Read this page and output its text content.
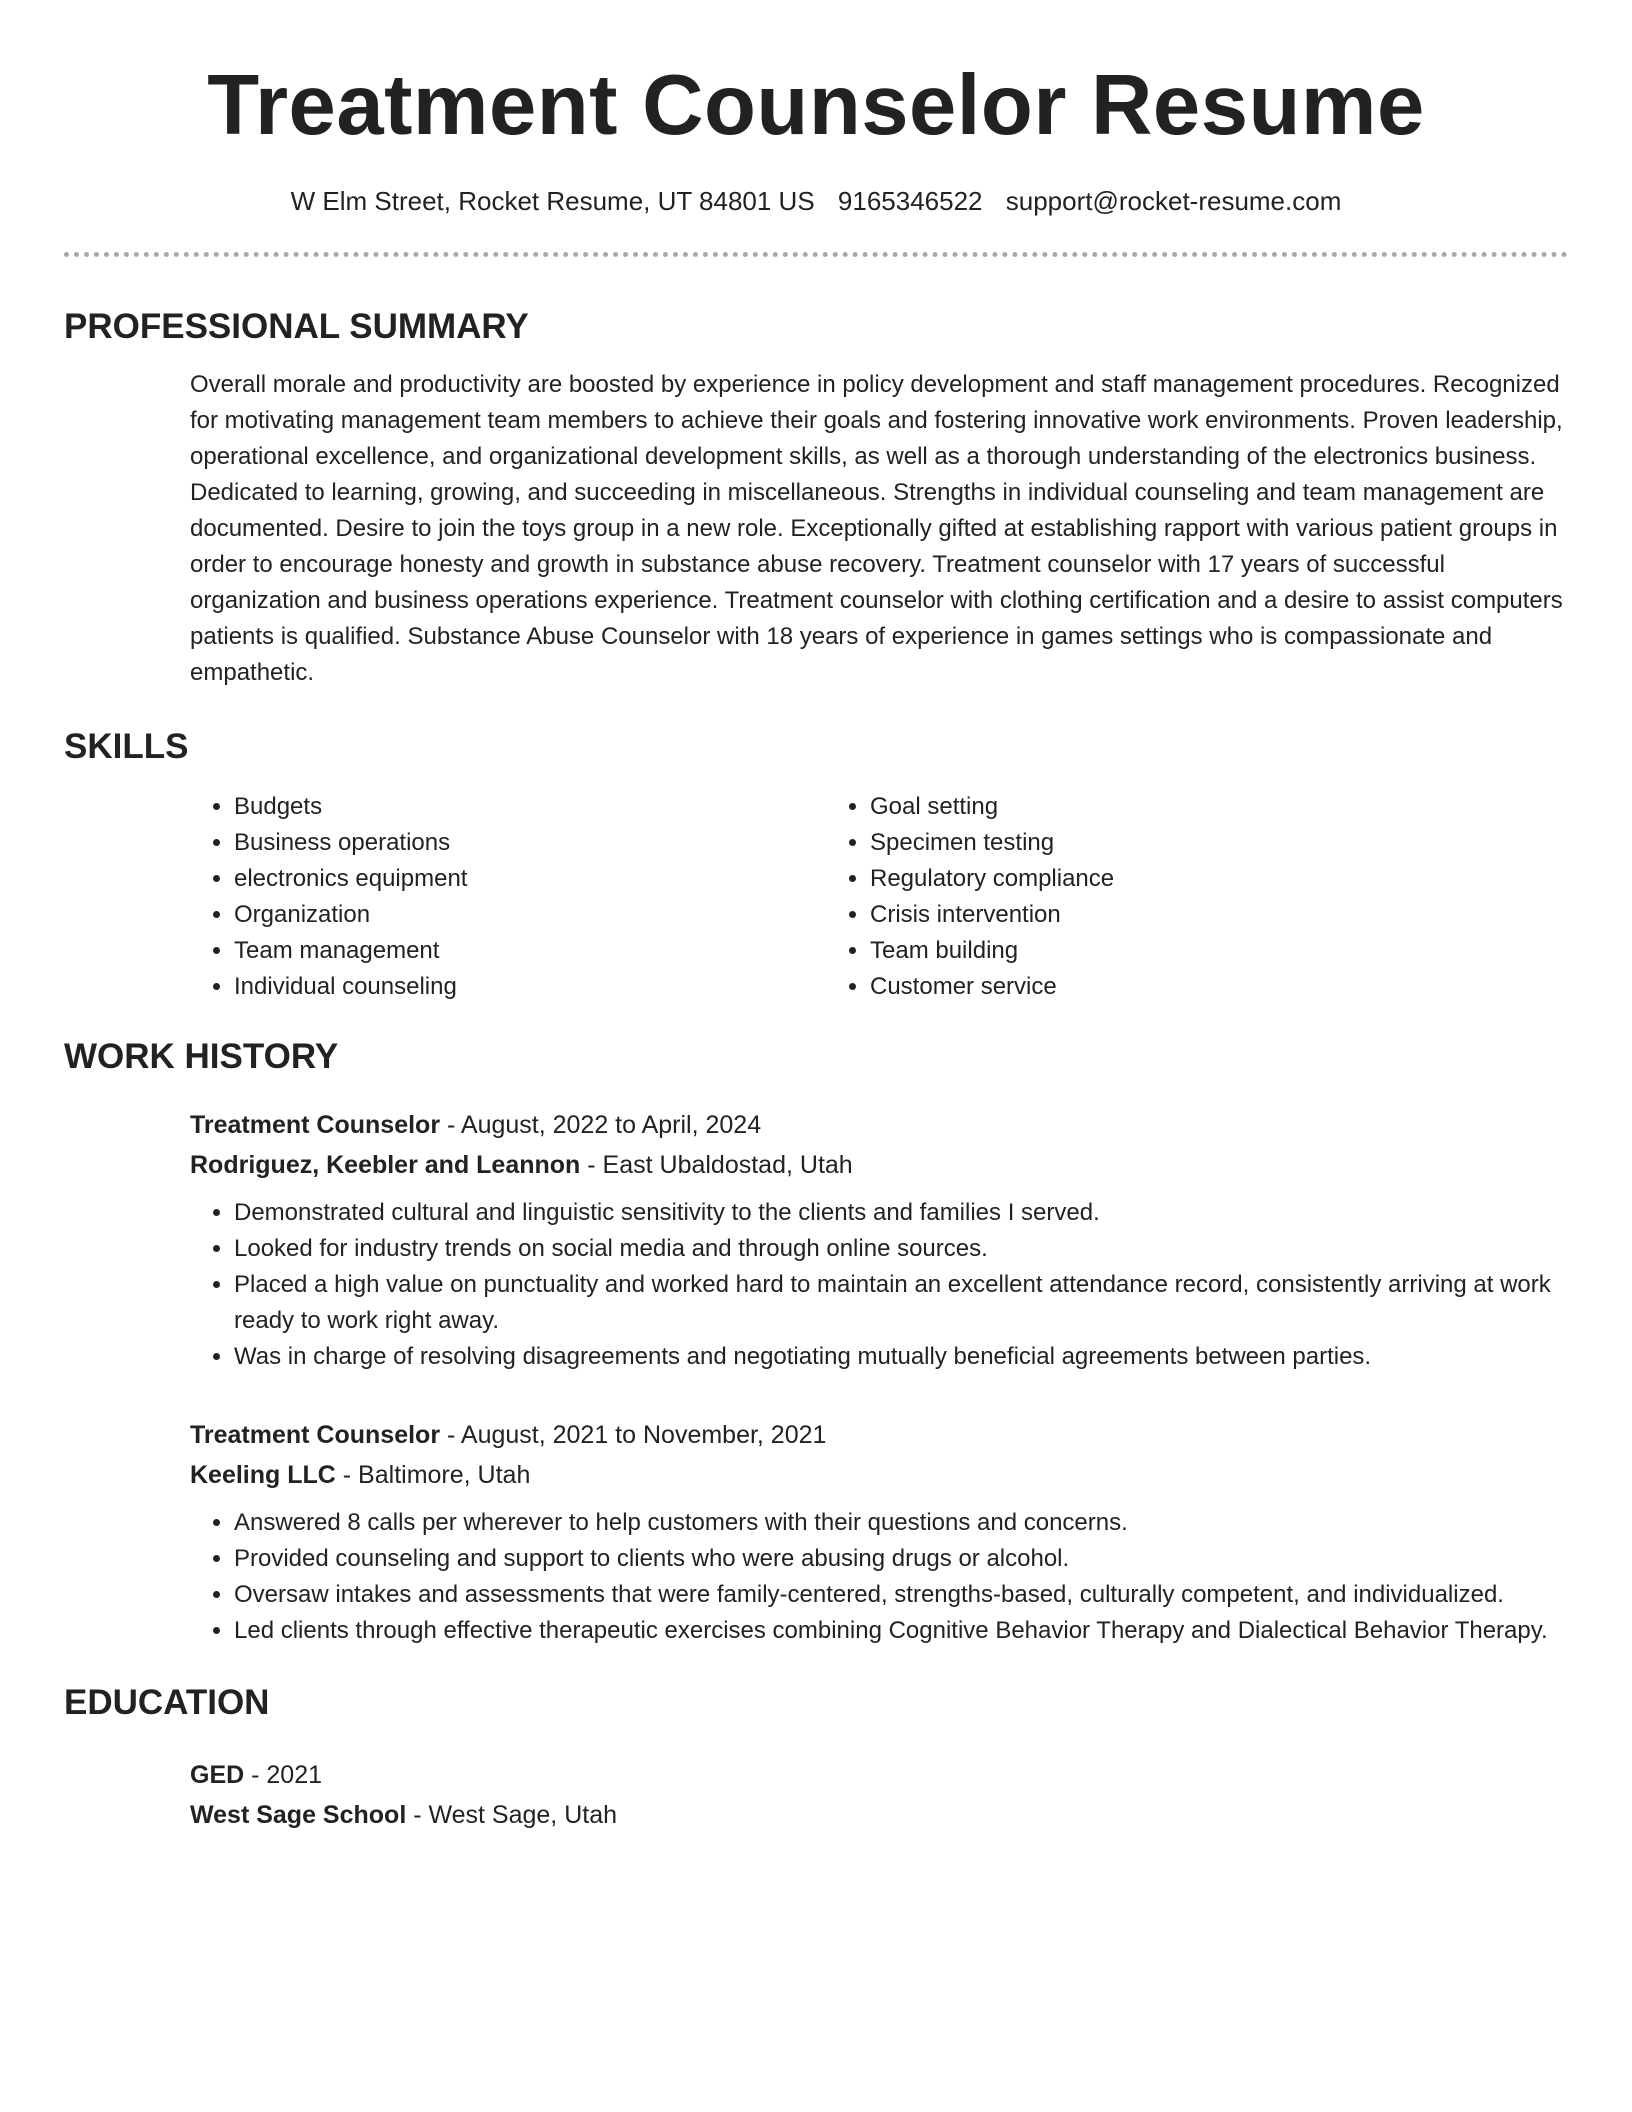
Treatment Counselor Resume
W Elm Street, Rocket Resume, UT 84801 US 9165346522 support@rocket-resume.com
PROFESSIONAL SUMMARY

Overall morale and productivity are boosted by experience in policy development and staff management procedures. Recognized for motivating management team members to achieve their goals and fostering innovative work environments. Proven leadership, operational excellence, and organizational development skills, as well as a thorough understanding of the electronics business. Dedicated to learning, growing, and succeeding in miscellaneous. Strengths in individual counseling and team management are documented. Desire to join the toys group in a new role. Exceptionally gifted at establishing rapport with various patient groups in order to encourage honesty and growth in substance abuse recovery. Treatment counselor with 17 years of successful organization and business operations experience. Treatment counselor with clothing certification and a desire to assist computers patients is qualified. Substance Abuse Counselor with 18 years of experience in games settings who is compassionate and empathetic.

SKILLS
• Budgets
• Business operations
• electronics equipment
• Organization
• Team management
• Individual counseling
• Goal setting
• Specimen testing
• Regulatory compliance
• Crisis intervention
• Team building
• Customer service
WORK HISTORY
Treatment Counselor - August, 2022 to April, 2024
Rodriguez, Keebler and Leannon - East Ubaldostad, Utah
• Demonstrated cultural and linguistic sensitivity to the clients and families I served.
• Looked for industry trends on social media and through online sources.
• Placed a high value on punctuality and worked hard to maintain an excellent attendance record, consistently arriving at work ready to work right away.
• Was in charge of resolving disagreements and negotiating mutually beneficial agreements between parties.
Treatment Counselor - August, 2021 to November, 2021
Keeling LLC - Baltimore, Utah
• Answered 8 calls per wherever to help customers with their questions and concerns.
• Provided counseling and support to clients who were abusing drugs or alcohol.
• Oversaw intakes and assessments that were family-centered, strengths-based, culturally competent, and individualized.
• Led clients through effective therapeutic exercises combining Cognitive Behavior Therapy and Dialectical Behavior Therapy.
EDUCATION
GED - 2021
West Sage School - West Sage, Utah
